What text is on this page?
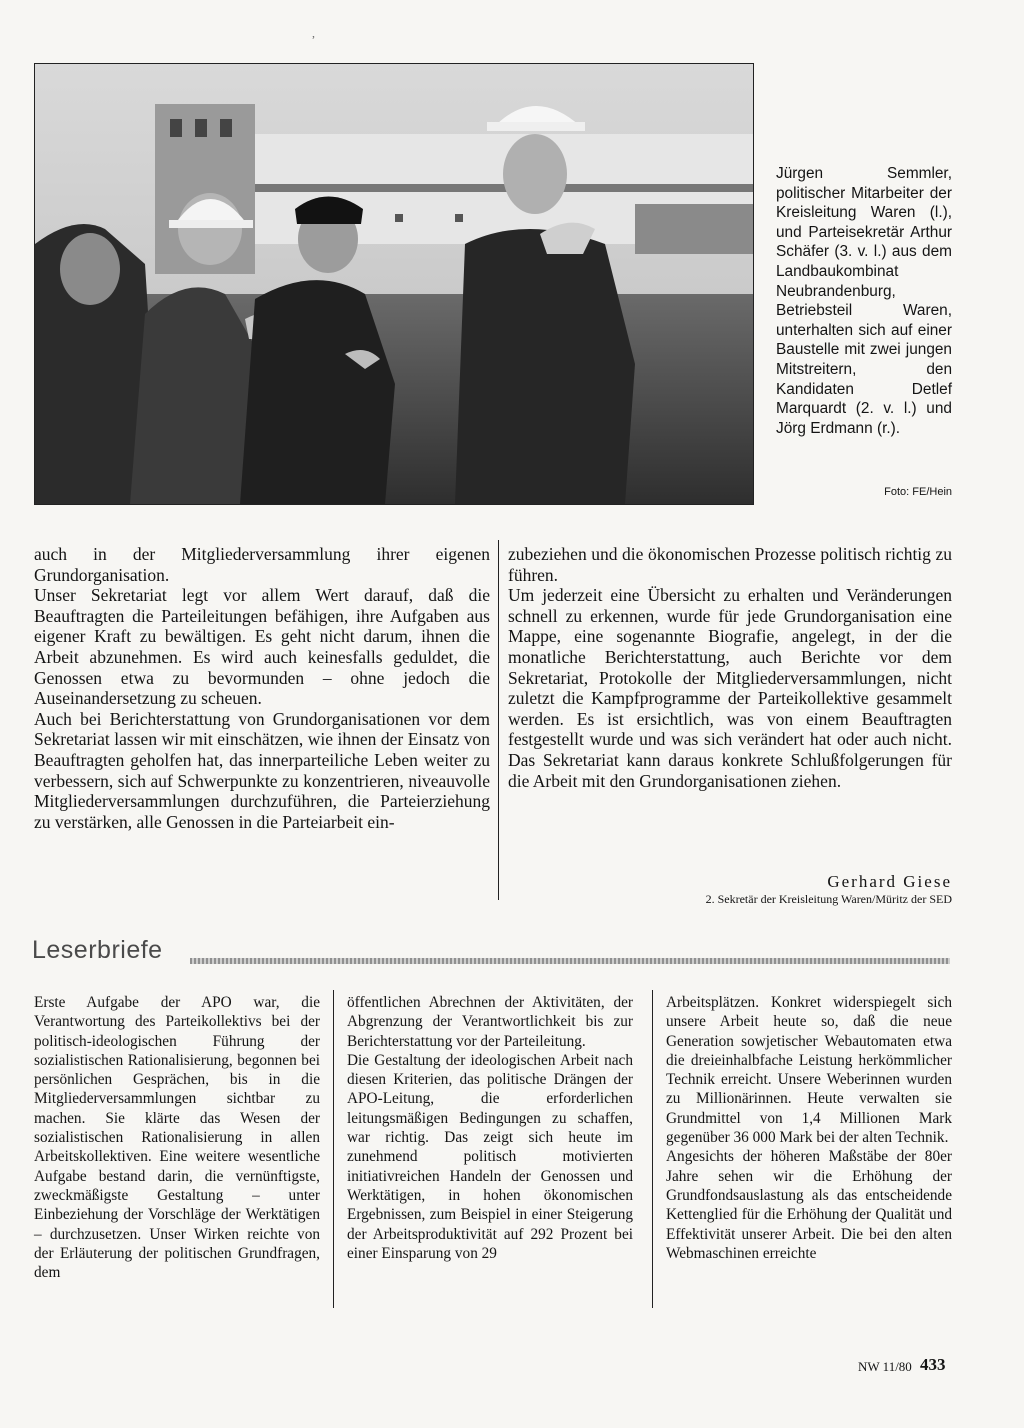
,

Jürgen Semmler, politischer Mitarbeiter der Kreisleitung Waren (l.), und Parteisekretär Arthur Schäfer (3. v. l.) aus dem Landbaukombinat Neubrandenburg, Betriebsteil Waren, unterhalten sich auf einer Baustelle mit zwei jungen Mitstreitern, den Kandidaten Detlef Marquardt (2. v. l.) und Jörg Erdmann (r.).

Foto: FE/Hein

auch in der Mitgliederversammlung ihrer eigenen Grundorganisation.

Unser Sekretariat legt vor allem Wert darauf, daß die Beauftragten die Parteileitungen befähigen, ihre Aufgaben aus eigener Kraft zu bewältigen. Es geht nicht darum, ihnen die Arbeit abzunehmen. Es wird auch keinesfalls geduldet, die Genossen etwa zu bevormunden – ohne jedoch die Auseinandersetzung zu scheuen.

Auch bei Berichterstattung von Grundorganisationen vor dem Sekretariat lassen wir mit einschätzen, wie ihnen der Einsatz von Beauftragten geholfen hat, das innerparteiliche Leben weiter zu verbessern, sich auf Schwerpunkte zu konzentrieren, niveauvolle Mitgliederversammlungen durchzuführen, die Parteierziehung zu verstärken, alle Genossen in die Parteiarbeit ein-

zubeziehen und die ökonomischen Prozesse politisch richtig zu führen.

Um jederzeit eine Übersicht zu erhalten und Veränderungen schnell zu erkennen, wurde für jede Grundorganisation eine Mappe, eine sogenannte Biografie, angelegt, in der die monatliche Berichterstattung, auch Berichte vor dem Sekretariat, Protokolle der Mitgliederversammlungen, nicht zuletzt die Kampfprogramme der Parteikollektive gesammelt werden. Es ist ersichtlich, was von einem Beauftragten festgestellt wurde und was sich verändert hat oder auch nicht. Das Sekretariat kann daraus konkrete Schlußfolgerungen für die Arbeit mit den Grundorganisationen ziehen.

Gerhard Giese
2. Sekretär der Kreisleitung Waren/Müritz der SED
Leserbriefe

Erste Aufgabe der APO war, die Verantwortung des Parteikollektivs bei der politisch-ideologischen Führung der sozialistischen Rationalisierung, begonnen bei persönlichen Gesprächen, bis in die Mitgliederversammlungen sichtbar zu machen. Sie klärte das Wesen der sozialistischen Rationalisierung in allen Arbeitskollektiven. Eine weitere wesentliche Aufgabe bestand darin, die vernünftigste, zweckmäßigste Gestaltung – unter Einbeziehung der Vorschläge der Werktätigen – durchzusetzen. Unser Wirken reichte von der Erläuterung der politischen Grundfragen, dem

öffentlichen Abrechnen der Aktivitäten, der Abgrenzung der Verantwortlichkeit bis zur Berichterstattung vor der Parteileitung.

Die Gestaltung der ideologischen Arbeit nach diesen Kriterien, das politische Drängen der APO-Leitung, die erforderlichen leitungsmäßigen Bedingungen zu schaffen, war richtig. Das zeigt sich heute im zunehmend politisch motivierten initiativreichen Handeln der Genossen und Werktätigen, in hohen ökonomischen Ergebnissen, zum Beispiel in einer Steigerung der Arbeitsproduktivität auf 292 Prozent bei einer Einsparung von 29

Arbeitsplätzen. Konkret widerspiegelt sich unsere Arbeit heute so, daß die neue Generation sowjetischer Webautomaten etwa die dreieinhalbfache Leistung herkömmlicher Technik erreicht. Unsere Weberinnen wurden zu Millionärinnen. Heute verwalten sie Grundmittel von 1,4 Millionen Mark gegenüber 36 000 Mark bei der alten Technik.

Angesichts der höheren Maßstäbe der 80er Jahre sehen wir die Erhöhung der Grundfondsauslastung als das entscheidende Kettenglied für die Erhöhung der Qualität und Effektivität unserer Arbeit. Die bei den alten Webmaschinen erreichte

NW 11/80 433
